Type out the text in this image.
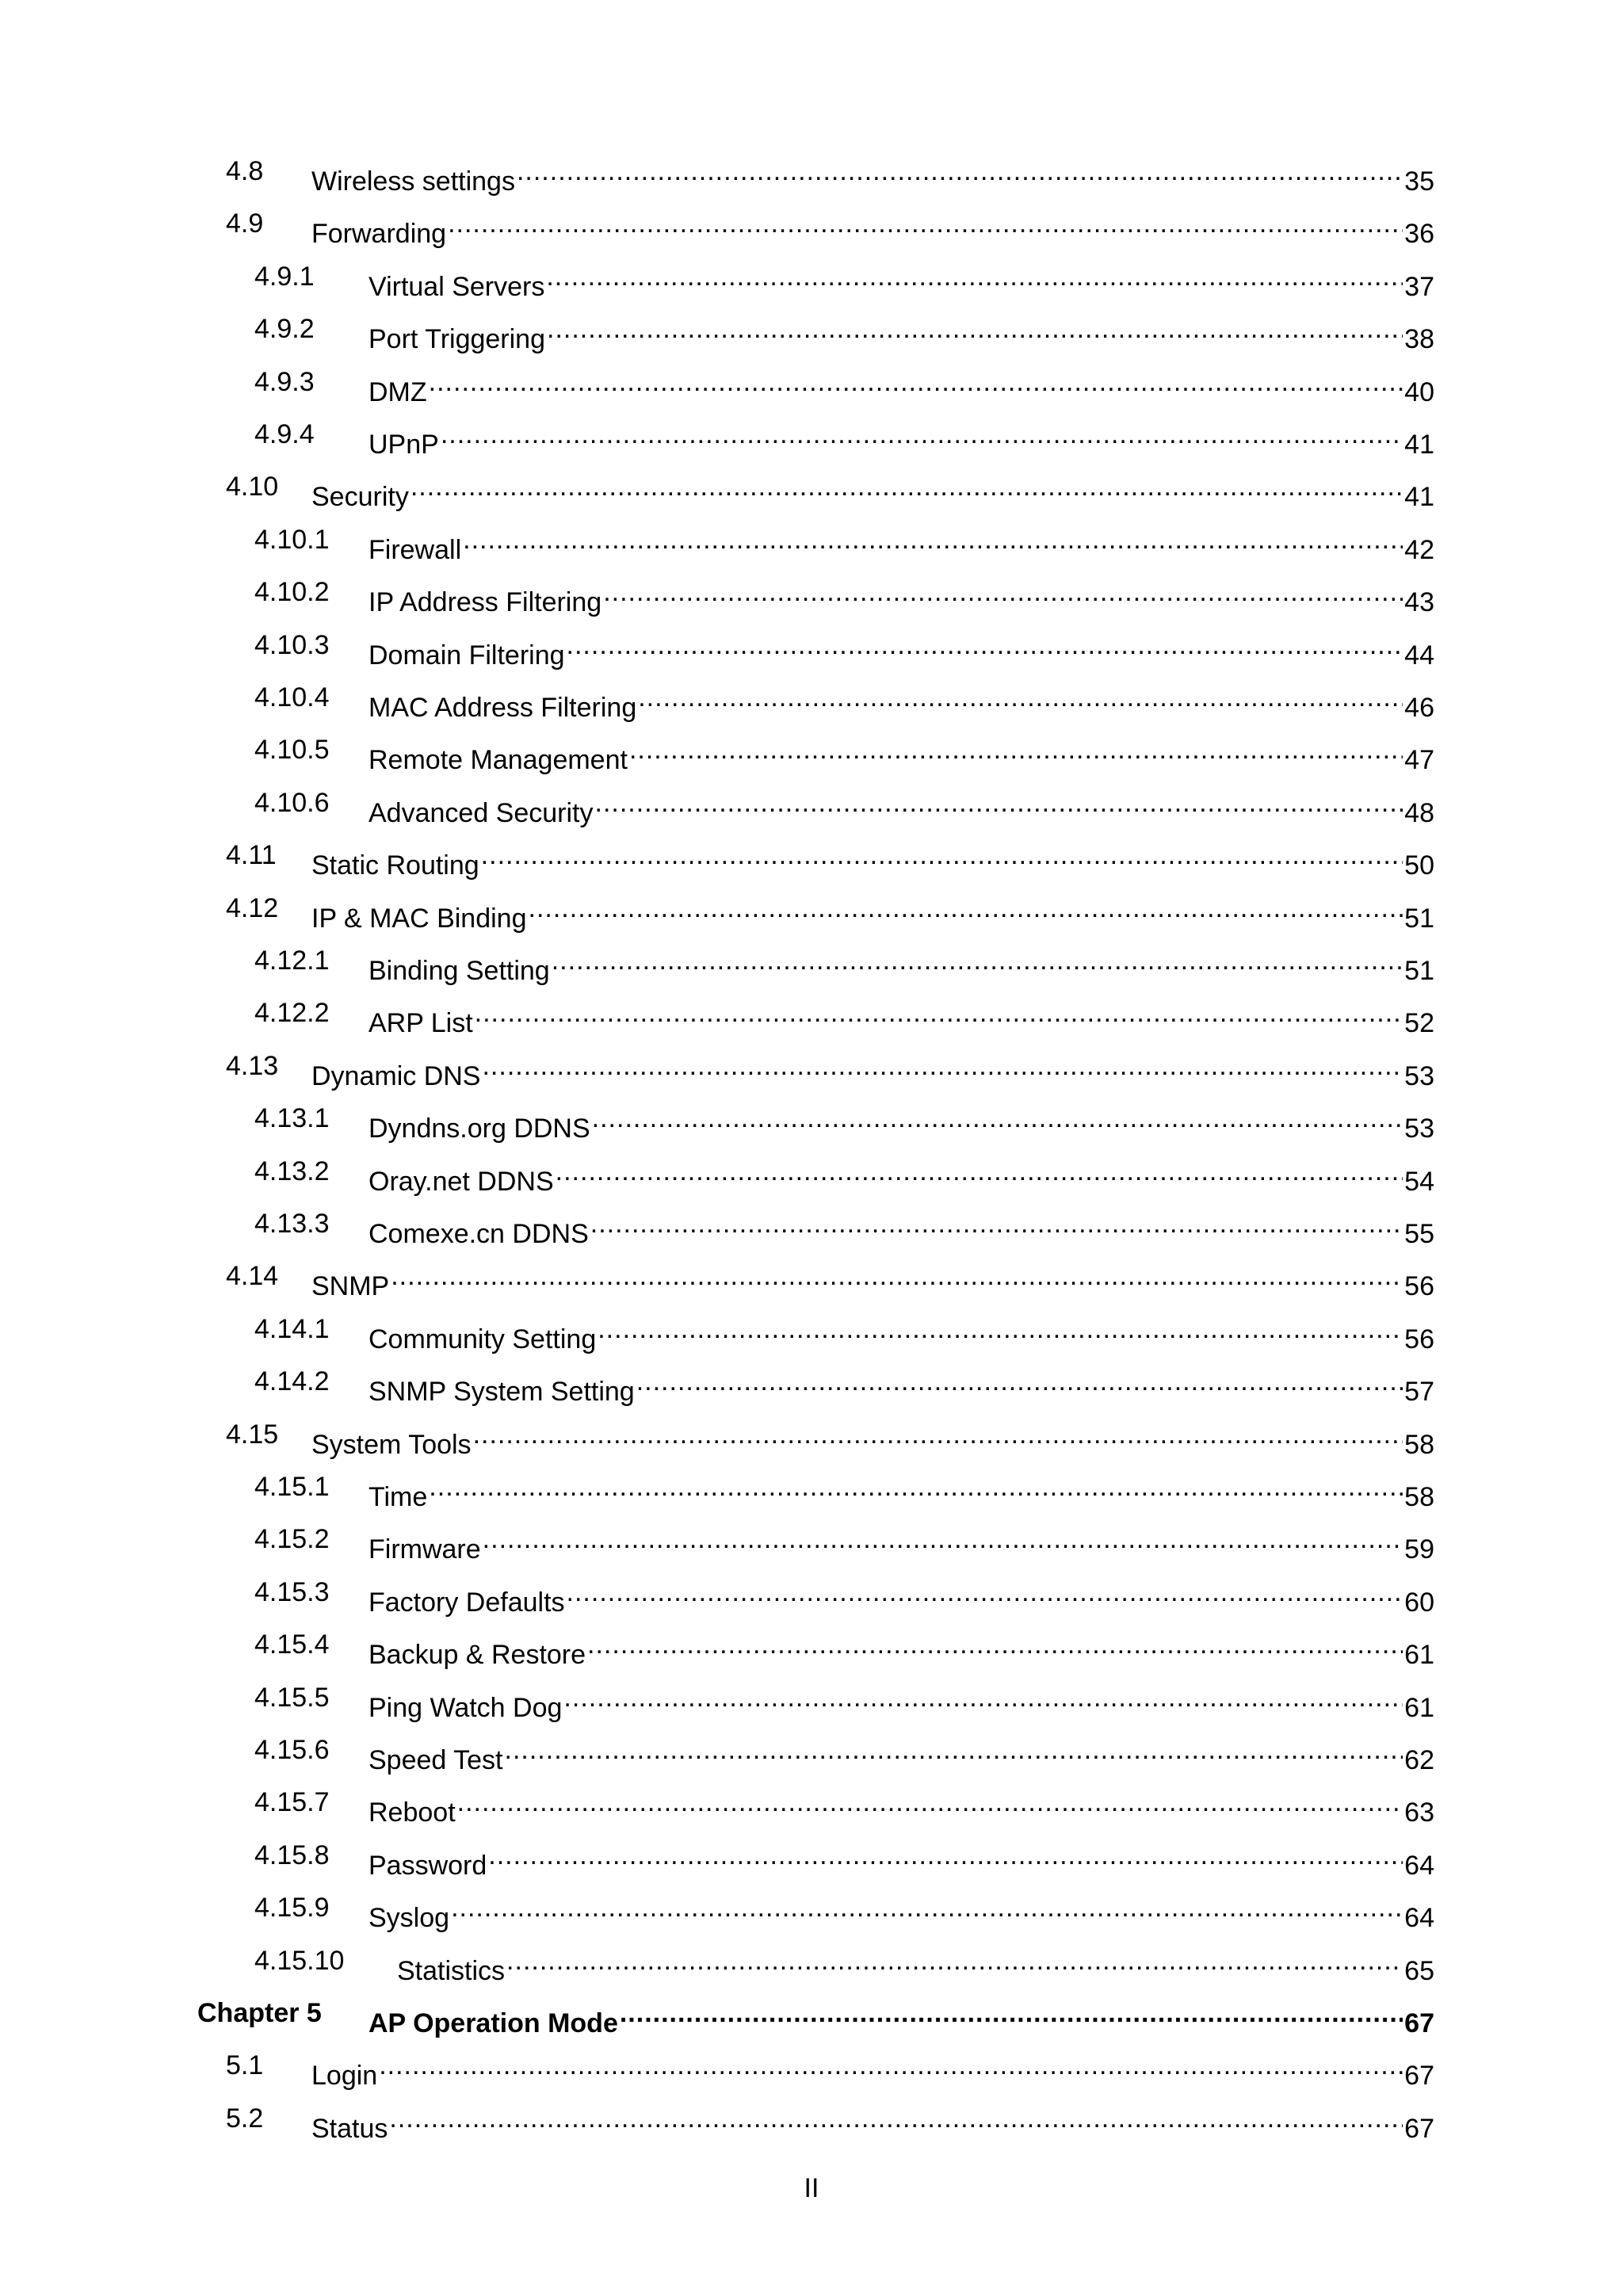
4.8 Wireless settings .....	35
4.9 Forwarding .....	36
4.9.1 Virtual Servers .....	37
4.9.2 Port Triggering .....	38
4.9.3 DMZ .....	40
4.9.4 UPnP .....	41
4.10 Security .....	41
4.10.1 Firewall .....	42
4.10.2 IP Address Filtering .....	43
4.10.3 Domain Filtering .....	44
4.10.4 MAC Address Filtering .....	46
4.10.5 Remote Management .....	47
4.10.6 Advanced Security .....	48
4.11 Static Routing .....	50
4.12 IP & MAC Binding .....	51
4.12.1 Binding Setting .....	51
4.12.2 ARP List .....	52
4.13 Dynamic DNS .....	53
4.13.1 Dyndns.org DDNS .....	53
4.13.2 Oray.net DDNS .....	54
4.13.3 Comexe.cn DDNS .....	55
4.14 SNMP .....	56
4.14.1 Community Setting .....	56
4.14.2 SNMP System Setting .....	57
4.15 System Tools .....	58
4.15.1 Time .....	58
4.15.2 Firmware .....	59
4.15.3 Factory Defaults .....	60
4.15.4 Backup & Restore .....	61
4.15.5 Ping Watch Dog .....	61
4.15.6 Speed Test .....	62
4.15.7 Reboot .....	63
4.15.8 Password .....	64
4.15.9 Syslog .....	64
4.15.10 Statistics .....	65
Chapter 5 AP Operation Mode .....	67
5.1 Login .....	67
5.2 Status .....	67
II
